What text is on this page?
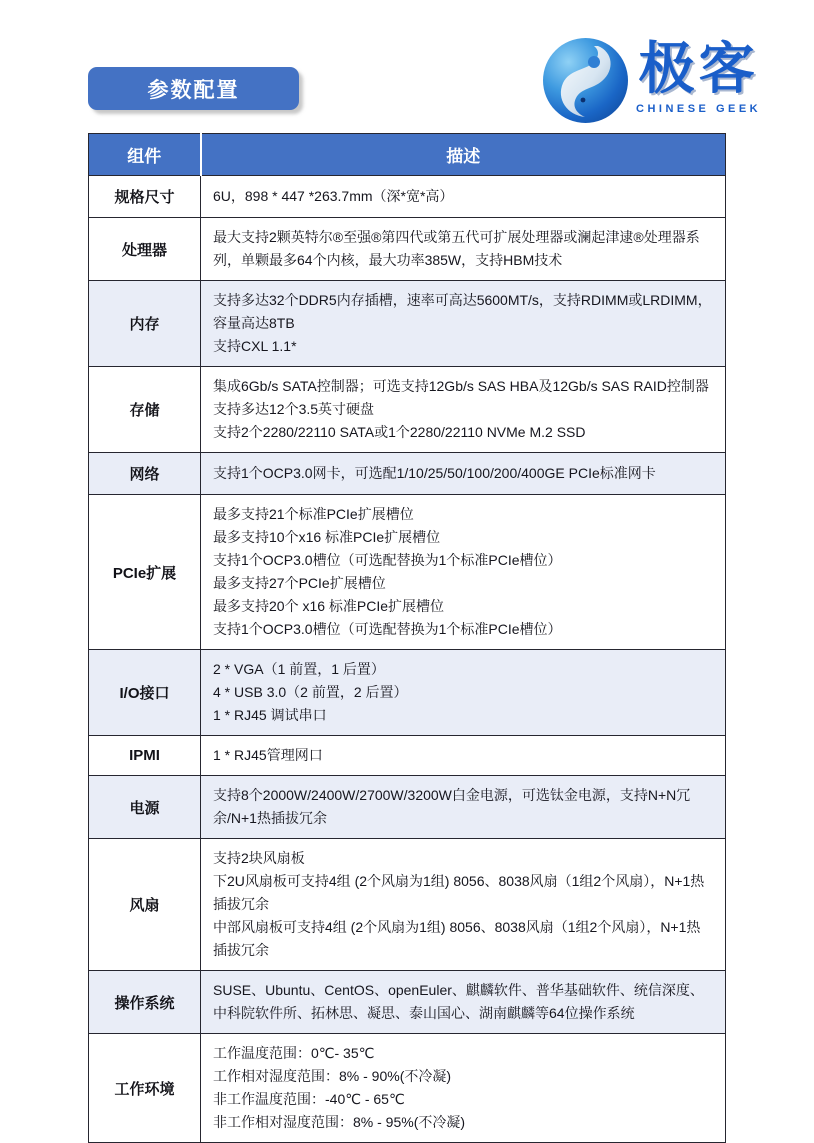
参数配置	极客
CHINESE GEEK
组件	描述
规格尺寸	6U，898 * 447 *263.7mm（深*宽*高）

处理器	最大支持2颗英特尔®至强®第四代或第五代可扩展处理器或澜起津逮®处理器系列，单颗最多64个内核，最大功率385W，支持HBM技术

内存	支持多达32个DDR5内存插槽，速率可高达5600MT/s，支持RDIMM或LRDIMM，容量高达8TB
支持CXL 1.1*

存储	集成6Gb/s SATA控制器；可选支持12Gb/s SAS HBA及12Gb/s SAS RAID控制器
支持多达12个3.5英寸硬盘
支持2个2280/22110 SATA或1个2280/22110 NVMe M.2 SSD

网络	支持1个OCP3.0网卡，可选配1/10/25/50/100/200/400GE PCIe标准网卡

PCIe扩展	
最多支持21个标准PCIe扩展槽位
最多支持10个x16 标准PCIe扩展槽位
支持1个OCP3.0槽位（可选配替换为1个标准PCIe槽位）
最多支持27个PCIe扩展槽位
最多支持20个 x16 标准PCIe扩展槽位
支持1个OCP3.0槽位（可选配替换为1个标准PCIe槽位）

I/O接口	2 * VGA（1 前置，1 后置）
4 * USB 3.0（2 前置，2 后置）
1 * RJ45 调试串口

IPMI	1 * RJ45管理网口

电源	支持8个2000W/2400W/2700W/3200W白金电源，可选钛金电源，支持N+N冗余/N+1热插拔冗余

风扇	支持2块风扇板
下2U风扇板可支持4组 (2个风扇为1组) 8056、8038风扇（1组2个风扇），N+1热插拔冗余
中部风扇板可支持4组 (2个风扇为1组) 8056、8038风扇（1组2个风扇），N+1热插拔冗余

操作系统	SUSE、Ubuntu、CentOS、openEuler、麒麟软件、普华基础软件、统信深度、中科院软件所、拓林思、凝思、泰山国心、湖南麒麟等64位操作系统

工作环境	工作温度范围：0℃- 35℃
工作相对湿度范围：8% - 90%(不冷凝)
非工作温度范围：-40℃ - 65℃
非工作相对湿度范围：8% - 95%(不冷凝)
